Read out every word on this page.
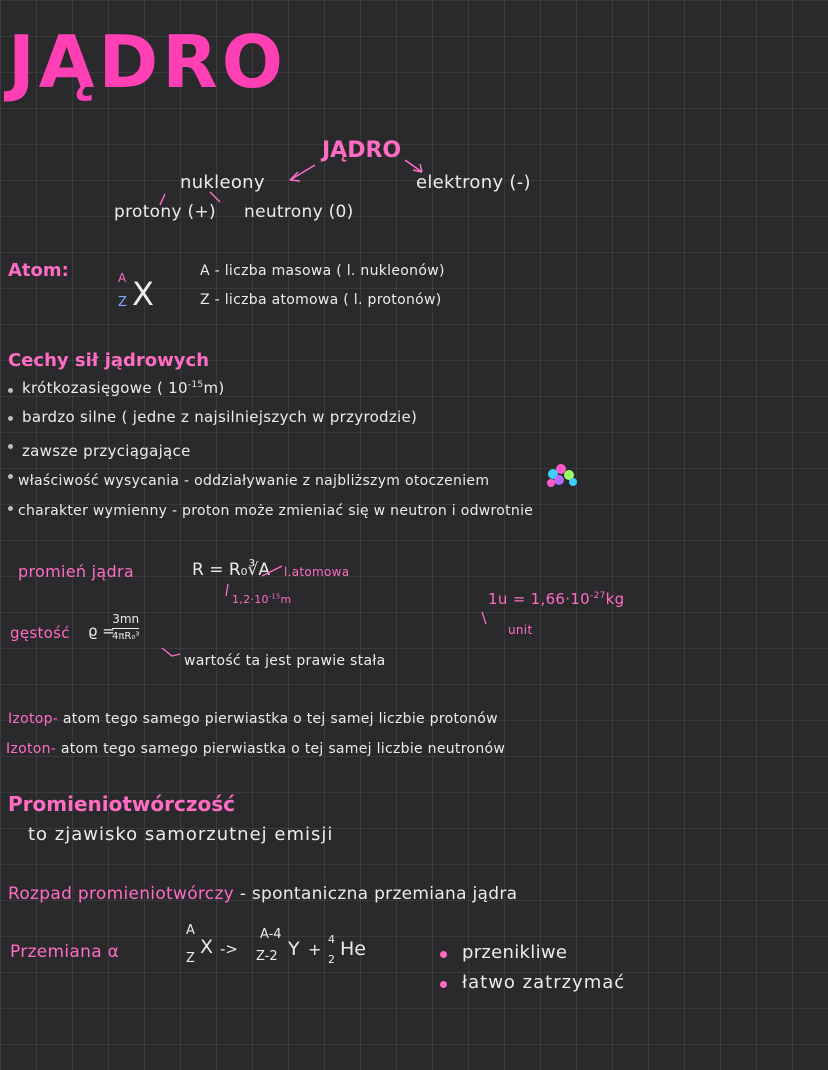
JĄDRO
JĄDRO
nukleony	elektrony (-)
protony (+) neutrony (0)
Atom:	A
Z X
A - liczba masowa ( l. nukleonów)
Z - liczba atomowa ( l. protonów)
Cechy sił jądrowych
krótkozasięgowe ( $10^{-15}m$)
bardzo silne ( jedne z najsilniejszych w przyrodzie)
zawsze przyciągające
właściwość wysycania - oddziaływanie z najbliższym otoczeniem
charakter wymienny - proton może zmieniać się w neutron i odwrotnie
promień jądra	R = R₀∛A l.atomowa
$1,2\cdot 10^{-15}m$	$1u = 1,66\cdot 10^{-27}kg$
unit
gęstość ϱ =
3mn
4πR₀³
wartość ta jest prawie stała
Izotop- atom tego samego pierwiastka o tej samej liczbie protonów
Izoton- atom tego samego pierwiastka o tej samej liczbie neutronów
Promieniotwórczość
to zjawisko samorzutnej emisji
Rozpad promieniotwórczy - spontaniczna przemiana jądra
Przemiana α
A
Z
X ->
A-4
Z-2 Y +
4
2 He	przenikliwe
łatwo zatrzymać
